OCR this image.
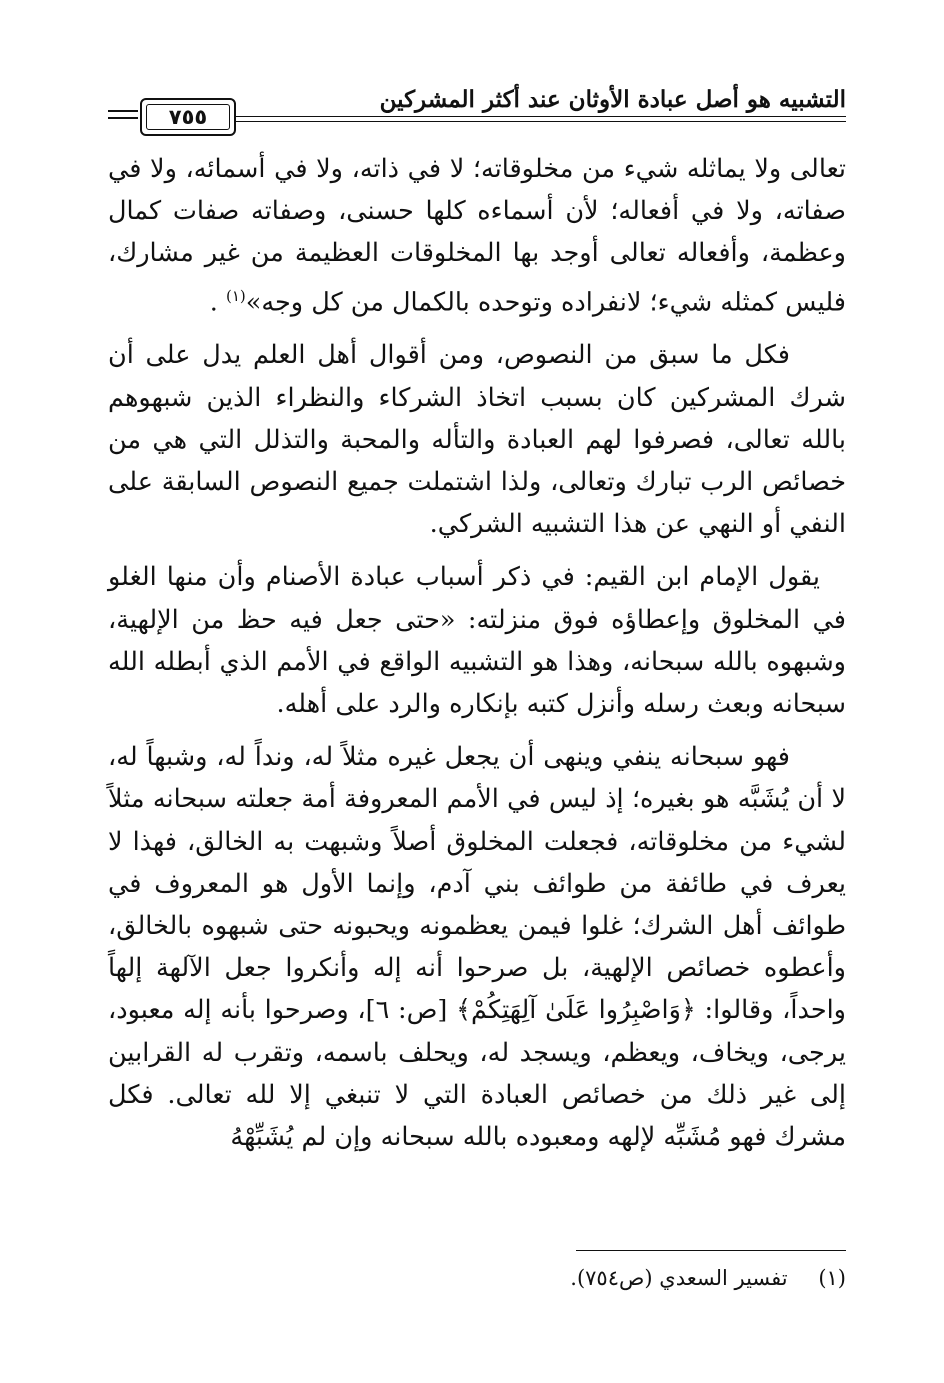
التشبيه هو أصل عبادة الأوثان عند أكثر المشركين
٧٥٥

تعالى ولا يماثله شيء من مخلوقاته؛ لا في ذاته، ولا في أسمائه، ولا في صفاته، ولا في أفعاله؛ لأن أسماءه كلها حسنى، وصفاته صفات كمال وعظمة، وأفعاله تعالى أوجد بها المخلوقات العظيمة من غير مشارك، فليس كمثله شيء؛ لانفراده وتوحده بالكمال من كل وجه»$^{(١)}$ .

فكل ما سبق من النصوص، ومن أقوال أهل العلم يدل على أن شرك المشركين كان بسبب اتخاذ الشركاء والنظراء الذين شبهوهم بالله تعالى، فصرفوا لهم العبادة والتأله والمحبة والتذلل التي هي من خصائص الرب تبارك وتعالى، ولذا اشتملت جميع النصوص السابقة على النفي أو النهي عن هذا التشبيه الشركي.

يقول الإمام ابن القيم: في ذكر أسباب عبادة الأصنام وأن منها الغلو في المخلوق وإعطاؤه فوق منزلته: «حتى جعل فيه حظ من الإلهية، وشبهوه بالله سبحانه، وهذا هو التشبيه الواقع في الأمم الذي أبطله الله سبحانه وبعث رسله وأنزل كتبه بإنكاره والرد على أهله.

فهو سبحانه ينفي وينهى أن يجعل غيره مثلاً له، ونداً له، وشبهاً له، لا أن يُشَبَّه هو بغيره؛ إذ ليس في الأمم المعروفة أمة جعلته سبحانه مثلاً لشيء من مخلوقاته، فجعلت المخلوق أصلاً وشبهت به الخالق، فهذا لا يعرف في طائفة من طوائف بني آدم، وإنما الأول هو المعروف في طوائف أهل الشرك؛ غلوا فيمن يعظمونه ويحبونه حتى شبهوه بالخالق، وأعطوه خصائص الإلهية، بل صرحوا أنه إله وأنكروا جعل الآلهة إلهاً واحداً، وقالوا: ﴿وَاصْبِرُوا عَلَىٰ آلِهَتِكُمْ﴾ [ص: ٦]، وصرحوا بأنه إله معبود، يرجى، ويخاف، ويعظم، ويسجد له، ويحلف باسمه، وتقرب له القرابين إلى غير ذلك من خصائص العبادة التي لا تنبغي إلا لله تعالى. فكل مشرك فهو مُشَبِّه لإلهه ومعبوده بالله سبحانه وإن لم يُشَبِّهْهُ

(١) تفسير السعدي (ص٧٥٤).
